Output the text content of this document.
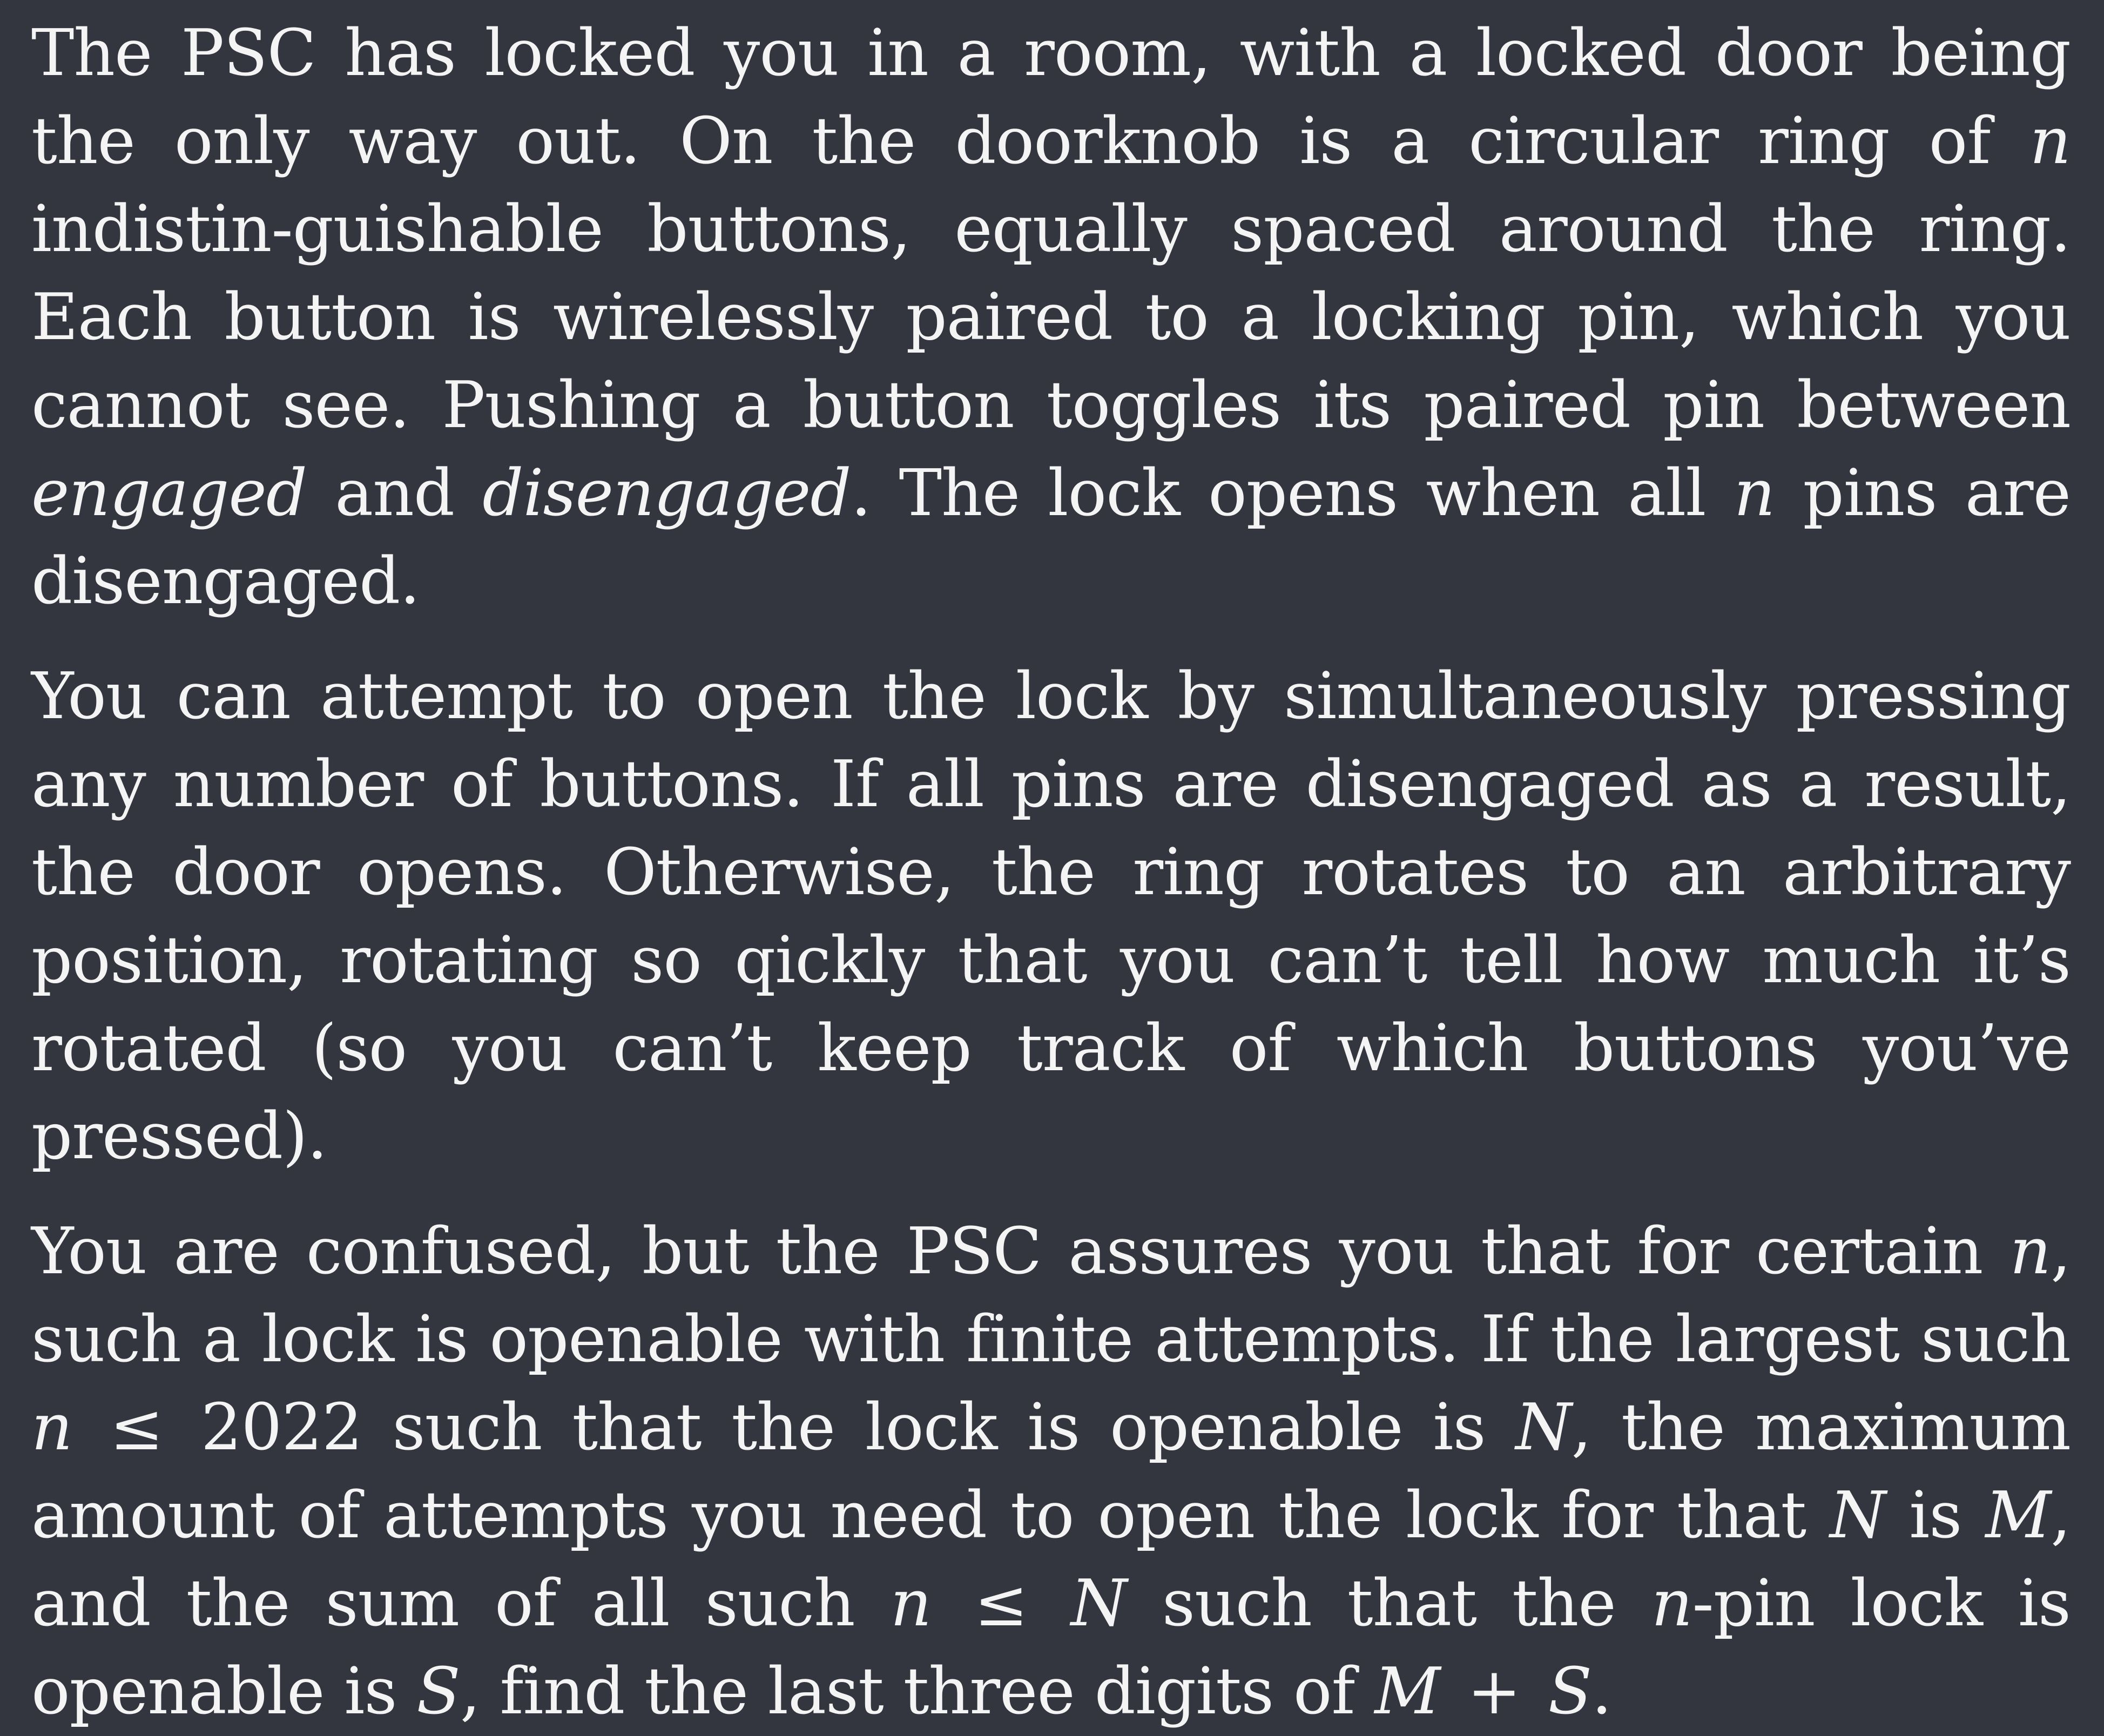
The PSC has locked you in a room, with a locked door being the only way out. On the doorknob is a circular ring of n indistin-guishable buttons, equally spaced around the ring. Each button is wirelessly paired to a locking pin, which you cannot see. Pushing a button toggles its paired pin between engaged and disengaged. The lock opens when all n pins are disengaged.

You can attempt to open the lock by simultaneously pressing any number of buttons. If all pins are disengaged as a result, the door opens. Otherwise, the ring rotates to an arbitrary position, rotating so qickly that you can’t tell how much it’s rotated (so you can’t keep track of which buttons you’ve pressed).

You are confused, but the PSC assures you that for certain n, such a lock is openable with finite attempts. If the largest such n ≤ 2022 such that the lock is openable is N, the maximum amount of attempts you need to open the lock for that N is M, and the sum of all such n ≤ N such that the n-pin lock is openable is S, find the last three digits of M + S.
